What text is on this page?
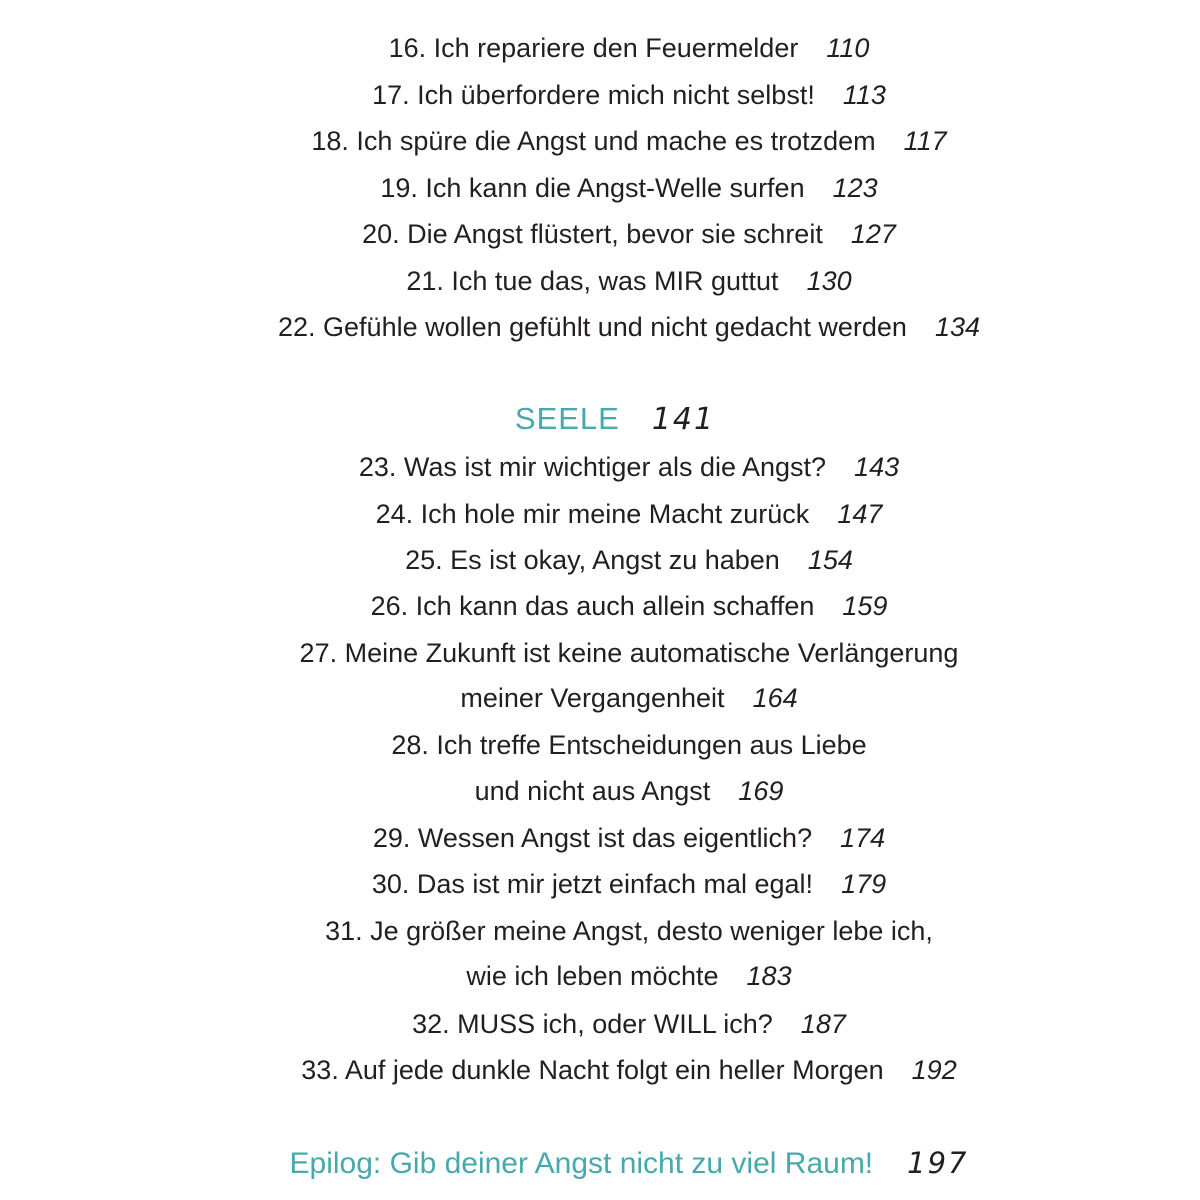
16. Ich repariere den Feuermelder 110
17. Ich überfordere mich nicht selbst! 113
18. Ich spüre die Angst und mache es trotzdem 117
19. Ich kann die Angst-Welle surfen 123
20. Die Angst flüstert, bevor sie schreit 127
21. Ich tue das, was MIR guttut 130
22. Gefühle wollen gefühlt und nicht gedacht werden 134
SEELE 141
23. Was ist mir wichtiger als die Angst? 143
24. Ich hole mir meine Macht zurück 147
25. Es ist okay, Angst zu haben 154
26. Ich kann das auch allein schaffen 159
27. Meine Zukunft ist keine automatische Verlängerung
meiner Vergangenheit 164
28. Ich treffe Entscheidungen aus Liebe
und nicht aus Angst 169
29. Wessen Angst ist das eigentlich? 174
30. Das ist mir jetzt einfach mal egal! 179
31. Je größer meine Angst, desto weniger lebe ich,
wie ich leben möchte 183
32. MUSS ich, oder WILL ich? 187
33. Auf jede dunkle Nacht folgt ein heller Morgen 192
Epilog: Gib deiner Angst nicht zu viel Raum! 197
